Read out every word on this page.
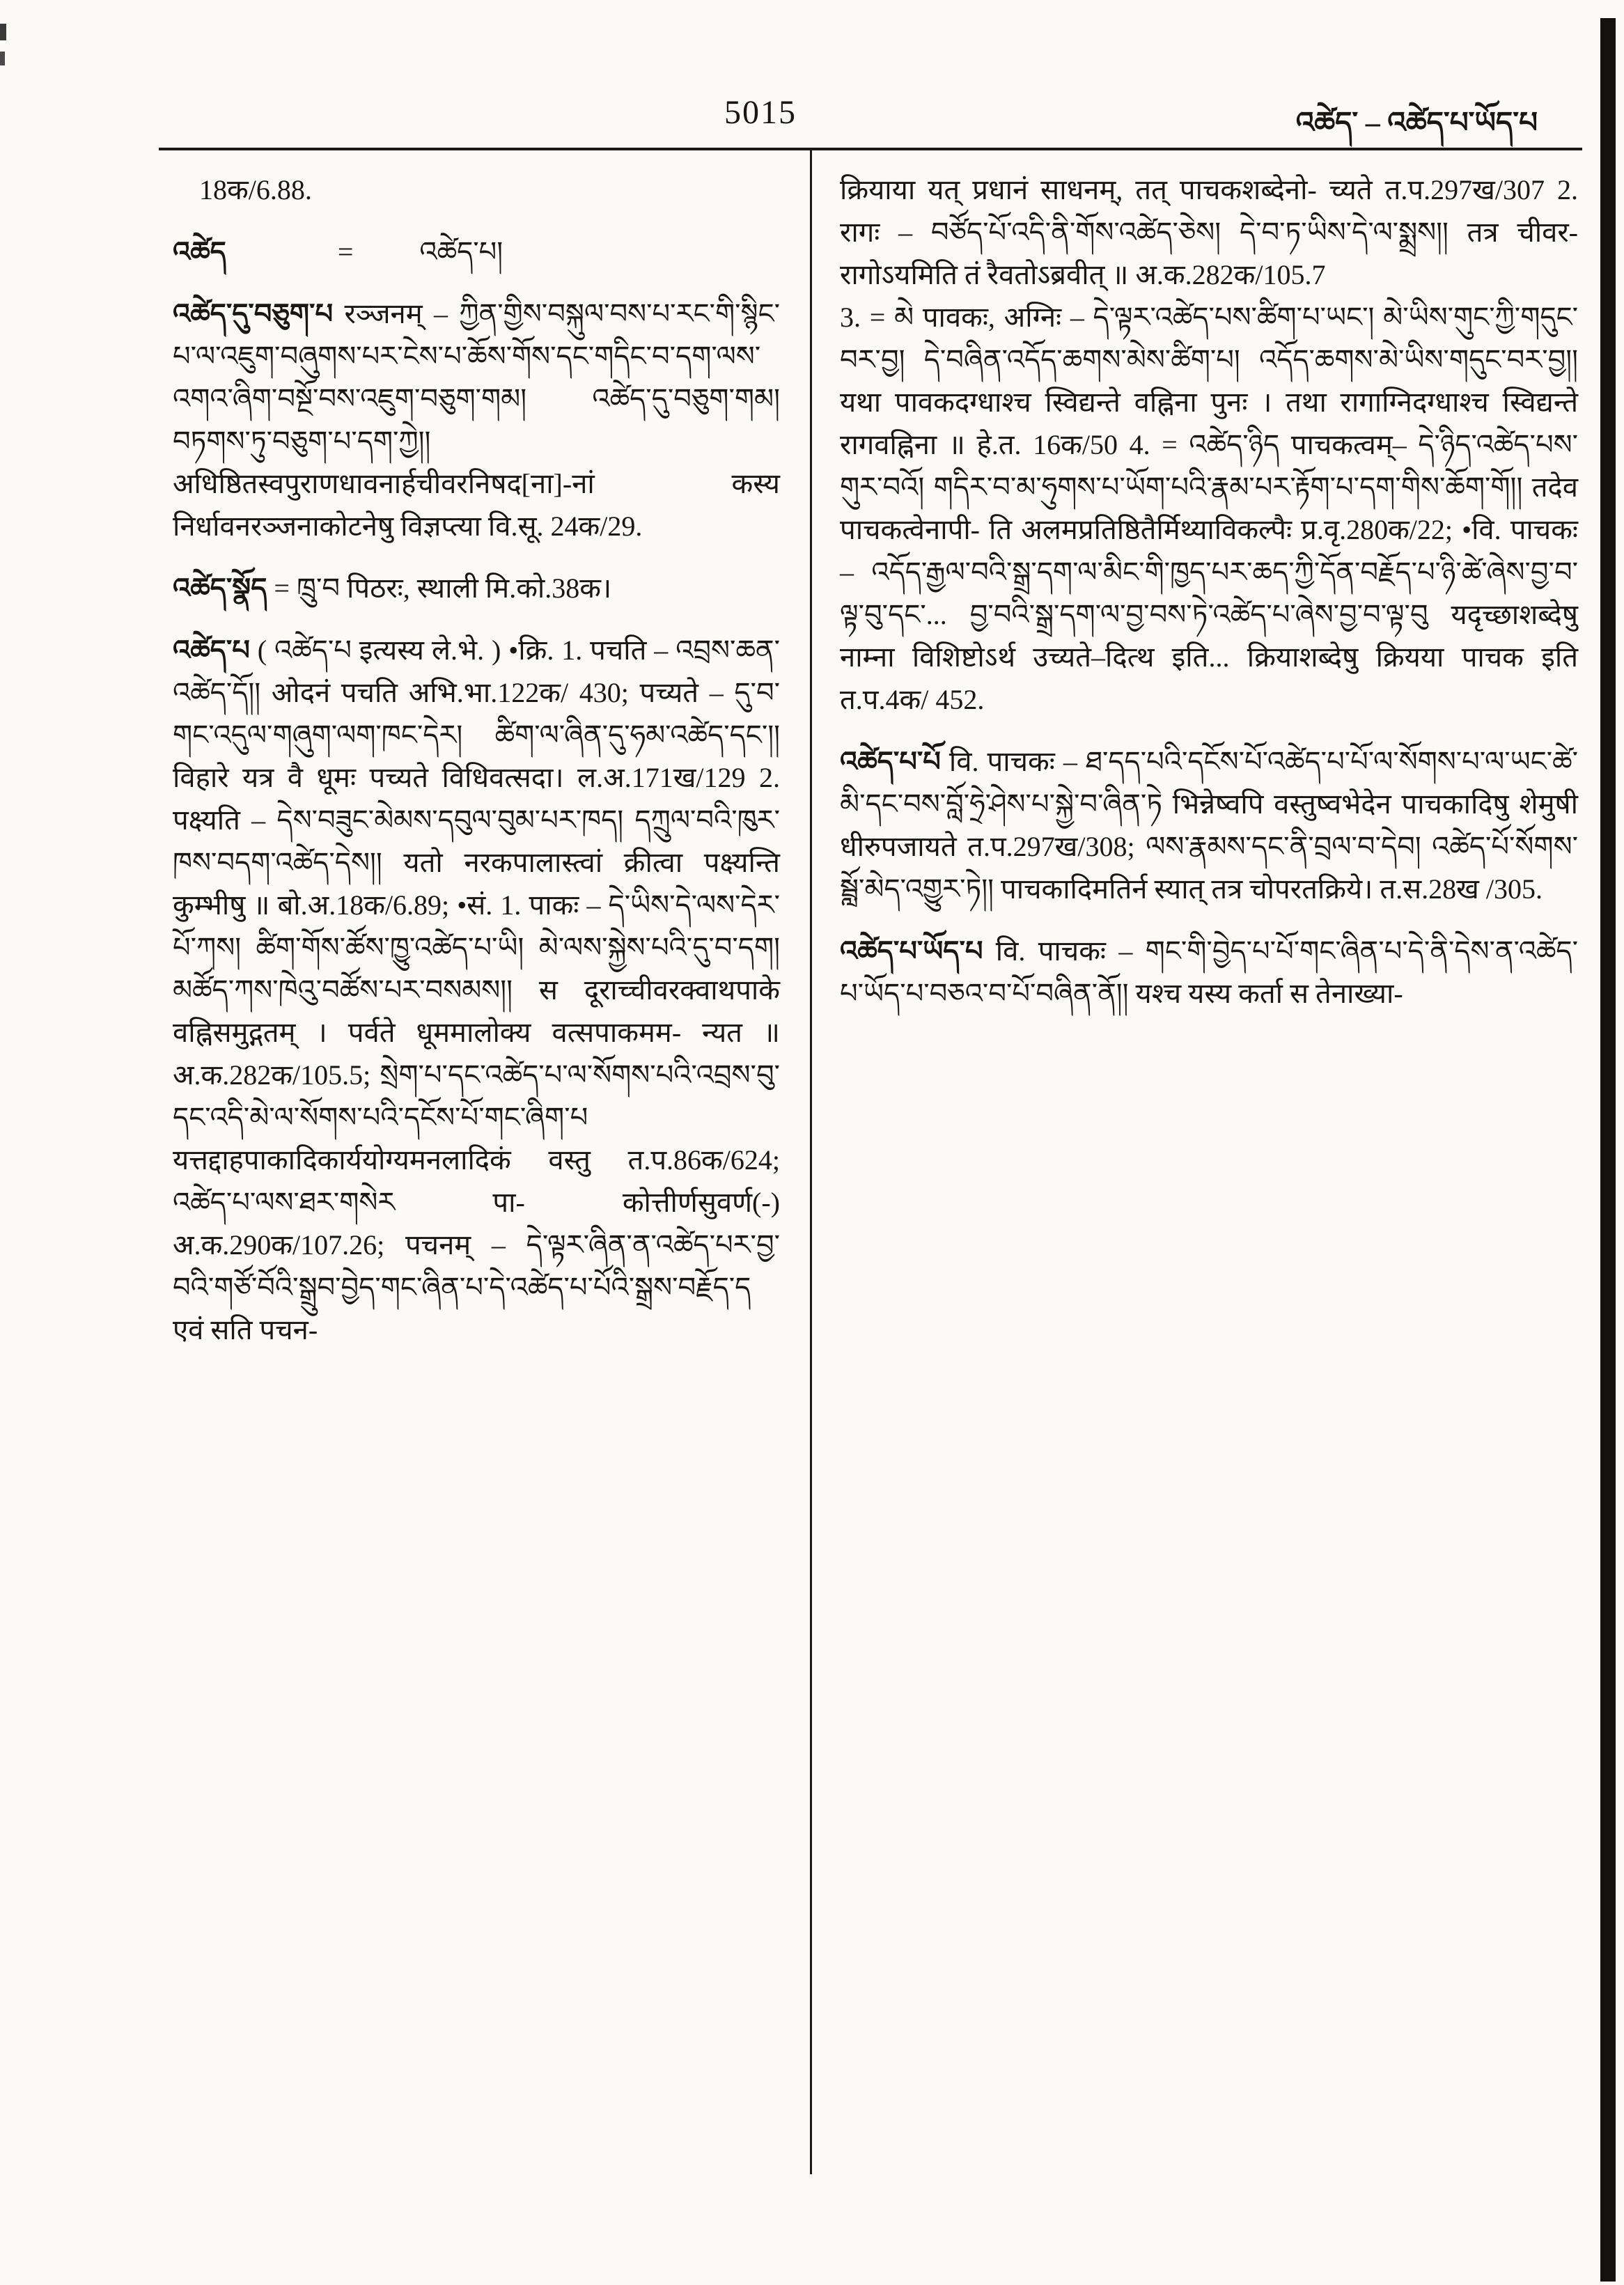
5015	འཚེད་ – འཚེད་པ་ཡོད་པ

18क/6.88.

འཚེད	= འཚེད་པ།

འཚེད་དུ་བཅུག་པ रञ्जनम् – ཀྱིན་གྱིས་བསྐུལ་བས་པ་རང་གི་སྙིང་པ་ལ་འཇུག་བཞུགས་པར་ངེས་པ་ཆོས་གོས་དང་གདིང་བ་དག་ལས་འགའ་ཞིག་བསྔོ་བས་འཇུག་བཅུག་གམ། འཚེད་དུ་བཅུག་གམ། བཏགས་ཏུ་བཅུག་པ་དག་ཀྱེ།། अधिष्ठितस्वपुराणधावनार्हचीवरनिषद[ना]-नां कस्य निर्धावनरञ्जनाकोटनेषु विज्ञप्त्या वि.सू. 24क/29.

འཚེད་སྣོད = ཁྲུ་བ पिठरः, स्थाली मि.को.38क।

འཚེད་པ ( འཚེད་པ इत्यस्य ले.भे. ) •क्रि. 1. पचति – འབྲས་ཆན་འཚེད་དོ།། ओदनं पचति अभि.भा.122क/ 430; पच्यते – དུ་བ་གང་འདུལ་གཞུག་ལག་ཁང་དེར། ཚིག་ལ་ཞིན་དུ་ཧམ་འཚེད་དང་།། विहारे यत्र वै धूमः पच्यते विधिवत्सदा। ल.अ.171ख/129 2. पक्ष्यति – དེས་བཟུང་མེམས་དབུལ་བུམ་པར་ཁད། དཀྲུལ་བའི་ཁུར་ཁས་བདག་འཚེད་དེས།། यतो नरकपालास्त्वां क्रीत्वा पक्ष्यन्ति कुम्भीषु ॥ बो.अ.18क/6.89; •सं. 1. पाकः – དེ་ཡིས་དེ་ལས་དེར་པོ་ཀས། ཚིག་གོས་ཚོས་ཁྱུ་འཚེད་པ་ཡི། མེ་ལས་སྐྱེས་པའི་དུ་བ་དག། མཚོད་ཀས་ཁེའུ་བཚོས་པར་བསམས།། स दूराच्चीवरक्वाथपाके वह्निसमुद्गतम् । पर्वते धूममालोक्य वत्सपाकमम- न्यत ॥ अ.क.282क/105.5; སྲེག་པ་དང་འཚེད་པ་ལ་སོགས་པའི་འབྲས་བུ་དང་འདི་མེ་ལ་སོགས་པའི་དངོས་པོ་གང་ཞིག་པ यत्तद्दाहपाकादिकार्ययोग्यमनलादिकं वस्तु त.प.86क/624; འཚེད་པ་ལས་ཐར་གསེར पा- कोत्तीर्णसुवर्ण(-) अ.क.290क/107.26; पचनम् – དེ་ལྟར་ཞིན་ན་འཚེད་པར་བྱ་བའི་གཙོ་བོའི་སྒྲུབ་བྱེད་གང་ཞིན་པ་དེ་འཚེད་པ་པོའི་སྒྲས་བརྗོད་ད एवं सति पचन-

क्रियाया यत् प्रधानं साधनम्, तत् पाचकशब्देनो- च्यते त.प.297ख/307 2. रागः – བཙོད་པོ་འདི་ནི་གོས་འཚེད་ཅེས། དེ་བ་ཏ་ཡིས་དེ་ལ་སྨྲས།། तत्र चीवर- रागोऽयमिति तं रैवतोऽब्रवीत् ॥ अ.क.282क/105.7

3. = མེ पावकः, अग्निः – དེ་ལྟར་འཚེད་པས་ཚིག་པ་ཡང་། མེ་ཡིས་གུང་ཀྱི་གདུང་བར་བྱ། དེ་བཞིན་འདོད་ཆགས་མེས་ཚིག་པ། འདོད་ཆགས་མེ་ཡིས་གདུང་བར་བྱ།། यथा पावकदग्धाश्च स्विद्यन्ते वह्निना पुनः । तथा रागाग्निदग्धाश्च स्विद्यन्ते रागवह्निना ॥ हे.त. 16क/50 4. = འཚེད་ཉིད पाचकत्वम्– དེ་ཉིད་འཚེད་པས་གུར་བའོ། གདིར་བ་མ་ཧུགས་པ་ཡོག་པའི་རྣམ་པར་རྟོག་པ་དག་གིས་ཆོག་གོ།། तदेव पाचकत्वेनापी- ति अलमप्रतिष्ठितैर्मिथ्याविकल्पैः प्र.वृ.280क/22; •वि. पाचकः – འདོད་རྒྱལ་བའི་སྒྲ་དག་ལ་མིང་གི་ཁྱད་པར་ཆད་ཀྱི་དོན་བརྗོད་པ་ཉི་ཚེ་ཞེས་བྱ་བ་ལྟ་བུ་དང་... བྱ་བའི་སྒྲ་དག་ལ་བྱ་བས་ཏེ་འཚེད་པ་ཞེས་བྱ་བ་ལྟ་བུ यदृच्छाशब्देषु नाम्ना विशिष्टोऽर्थ उच्यते–दित्थ इति... क्रियाशब्देषु क्रियया पाचक इति त.प.4क/ 452.

འཚེད་པ་པོ वि. पाचकः – ཐ་དད་པའི་དངོས་པོ་འཚེད་པ་པོ་ལ་སོགས་པ་ལ་ཡང་ཚེ་མི་དང་བས་བློ་ཧྲེ་ཤེས་པ་སྐྱེ་བ་ཞིན་ཏེ भिन्नेष्वपि वस्तुष्वभेदेन पाचकादिषु शेमुषी धीरुपजायते त.प.297ख/308; ལས་རྣམས་དང་ནི་བྲལ་བ་དེབ། འཚེད་པོ་སོགས་སྦློ་མེད་འགྱུར་ཏེ།། पाचकादिमतिर्न स्यात् तत्र चोपरतक्रिये। त.स.28ख /305.

འཚེད་པ་ཡོད་པ वि. पाचकः – གང་གི་བྱེད་པ་པོ་གང་ཞིན་པ་དེ་ནི་དེས་ན་འཚེད་པ་ཡོད་པ་བཅའ་བ་པོ་བཞིན་ནོ།། यश्च यस्य कर्ता स तेनाख्या-
